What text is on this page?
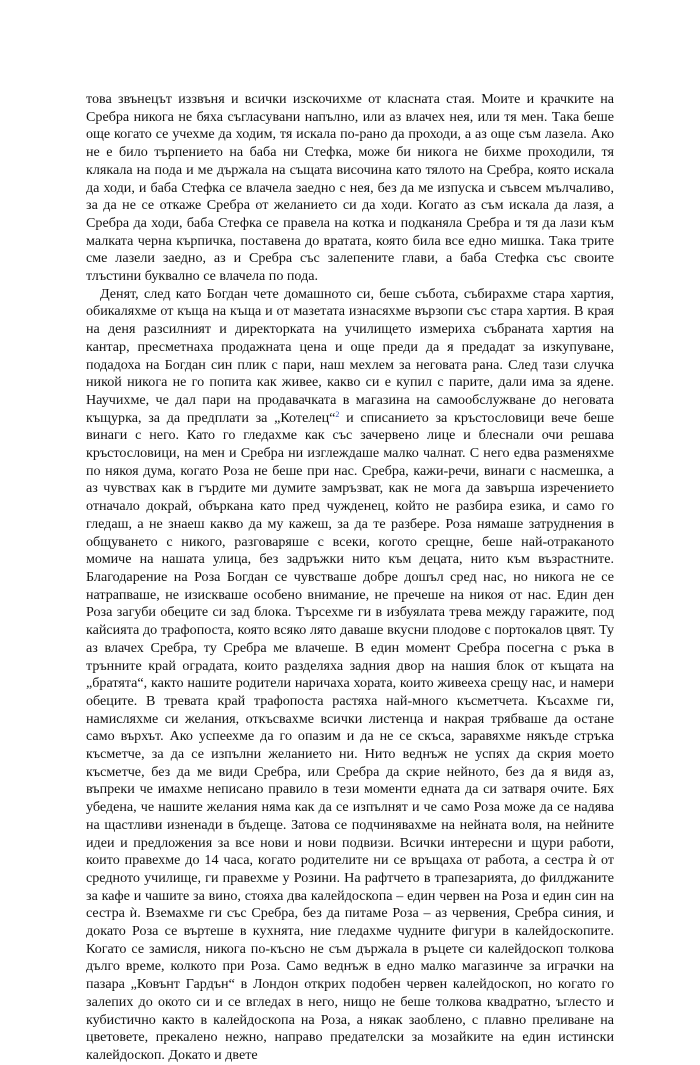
това звънецът иззвъня и всички изскочихме от класната стая. Моите и крачките на Сребра никога не бяха съгласувани напълно, или аз влачех нея, или тя мен. Така беше още когато се учехме да ходим, тя искала по-рано да проходи, а аз още съм лазела. Ако не е било търпението на баба ни Стефка, може би никога не бихме проходили, тя клякала на пода и ме държала на същата височина като тялото на Сребра, която искала да ходи, и баба Стефка се влачела заедно с нея, без да ме изпуска и съвсем мълчаливо, за да не се откаже Сребра от желанието си да ходи. Когато аз съм искала да лазя, а Сребра да ходи, баба Стефка се правела на котка и подканяла Сребра и тя да лази към малката черна кърпичка, поставена до вратата, която била все едно мишка. Така трите сме лазели заедно, аз и Сребра със залепените глави, а баба Стефка със своите тлъстини буквално се влачела по пода.

Денят, след като Богдан чете домашното си, беше събота, събирахме стара хартия, обикаляхме от къща на къща и от мазетата изнасяхме вързопи със стара хартия. В края на деня разсилният и директорката на училището измериха събраната хартия на кантар, пресметнаха продажната цена и още преди да я предадат за изкупуване, подадоха на Богдан син плик с пари, наш мехлем за неговата рана. След тази случка никой никога не го попита как живее, какво си е купил с парите, дали има за ядене. Научихме, че дал пари на продавачката в магазина на самообслужване до неговата къщурка, за да предплати за „Котелец“$^2$ и списанието за кръстословици вече беше винаги с него. Като го гледахме как със зачервено лице и блеснали очи решава кръстословици, на мен и Сребра ни изглеждаше малко чалнат. С него едва разменяхме по някоя дума, когато Роза не беше при нас. Сребра, кажи-речи, винаги с насмешка, а аз чувствах как в гърдите ми думите замръзват, как не мога да завърша изречението отначало докрай, объркана като пред чужденец, който не разбира езика, и само го гледаш, а не знаеш какво да му кажеш, за да те разбере. Роза нямаше затруднения в общуването с никого, разговаряше с всеки, когото срещне, беше най-отраканото момиче на нашата улица, без задръжки нито към децата, нито към възрастните. Благодарение на Роза Богдан се чувстваше добре дошъл сред нас, но никога не се натрапваше, не изискваше особено внимание, не пречеше на никоя от нас. Един ден Роза загуби обеците си зад блока. Търсехме ги в избуялата трева между гаражите, под кайсията до трафопоста, която всяко лято даваше вкусни плодове с портокалов цвят. Ту аз влачех Сребра, ту Сребра ме влачеше. В един момент Сребра посегна с ръка в трънните край оградата, които разделяха задния двор на нашия блок от къщата на „братята“, както нашите родители наричаха хората, които живееха срещу нас, и намери обеците. В тревата край трафопоста растяха най-много късметчета. Късахме ги, намисляхме си желания, откъсвахме всички листенца и накрая трябваше да остане само върхът. Ако успеехме да го опазим и да не се скъса, заравяхме някъде стръка късметче, за да се изпълни желанието ни. Нито веднъж не успях да скрия моето късметче, без да ме види Сребра, или Сребра да скрие нейното, без да я видя аз, въпреки че имахме неписано правило в тези моменти едната да си затваря очите. Бях убедена, че нашите желания няма как да се изпълнят и че само Роза може да се надява на щастливи изненади в бъдеще. Затова се подчинявахме на нейната воля, на нейните идеи и предложения за все нови и нови подвизи. Всички интересни и щури работи, които правехме до 14 часа, когато родителите ни се връщаха от работа, а сестра ѝ от средното училище, ги правехме у Розини. На рафтчето в трапезарията, до филджаните за кафе и чашите за вино, стояха два калейдоскопа – един червен на Роза и един син на сестра ѝ. Вземахме ги със Сребра, без да питаме Роза – аз червения, Сребра синия, и докато Роза се въртеше в кухнята, ние гледахме чудните фигури в калейдоскопите. Когато се замисля, никога по-късно не съм държала в ръцете си калейдоскоп толкова дълго време, колкото при Роза. Само веднъж в едно малко магазинче за играчки на пазара „Ковънт Гардън“ в Лондон открих подобен червен калейдоскоп, но когато го залепих до окото си и се вгледах в него, нищо не беше толкова квадратно, ъглесто и кубистично както в калейдоскопа на Роза, а някак заоблено, с плавно преливане на цветовете, прекалено нежно, направо предателски за мозайките на един истински калейдоскоп. Докато и двете
